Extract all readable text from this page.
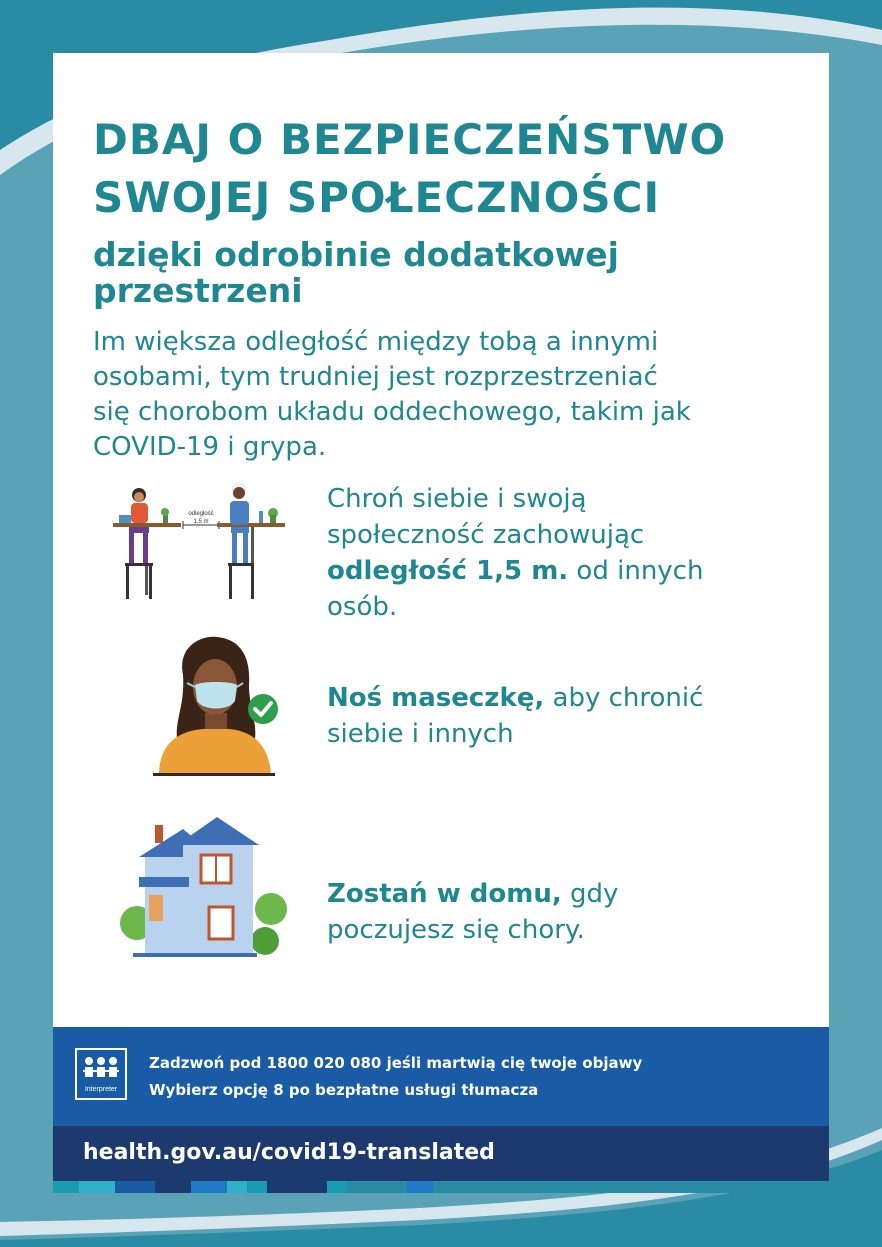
DBAJ O BEZPIECZEŃSTWO
SWOJEJ SPOŁECZNOŚCI
dzięki odrobinie dodatkowej
przestrzeni

Im większa odległość między tobą a innymi
osobami, tym trudniej jest rozprzestrzeniać
się chorobom układu oddechowego, takim jak
COVID-19 i grypa.

odległość
1,5 m

Chroń siebie i swoją
społeczność zachowując
odległość 1,5 m. od innych
osób.

Noś maseczkę, aby chronić
siebie i innych

Zostań w domu, gdy
poczujesz się chory.

Interpreter

Zadzwoń pod 1800 020 080 jeśli martwią cię twoje objawy

Wybierz opcję 8 po bezpłatne usługi tłumacza

health.gov.au/covid19-translated
